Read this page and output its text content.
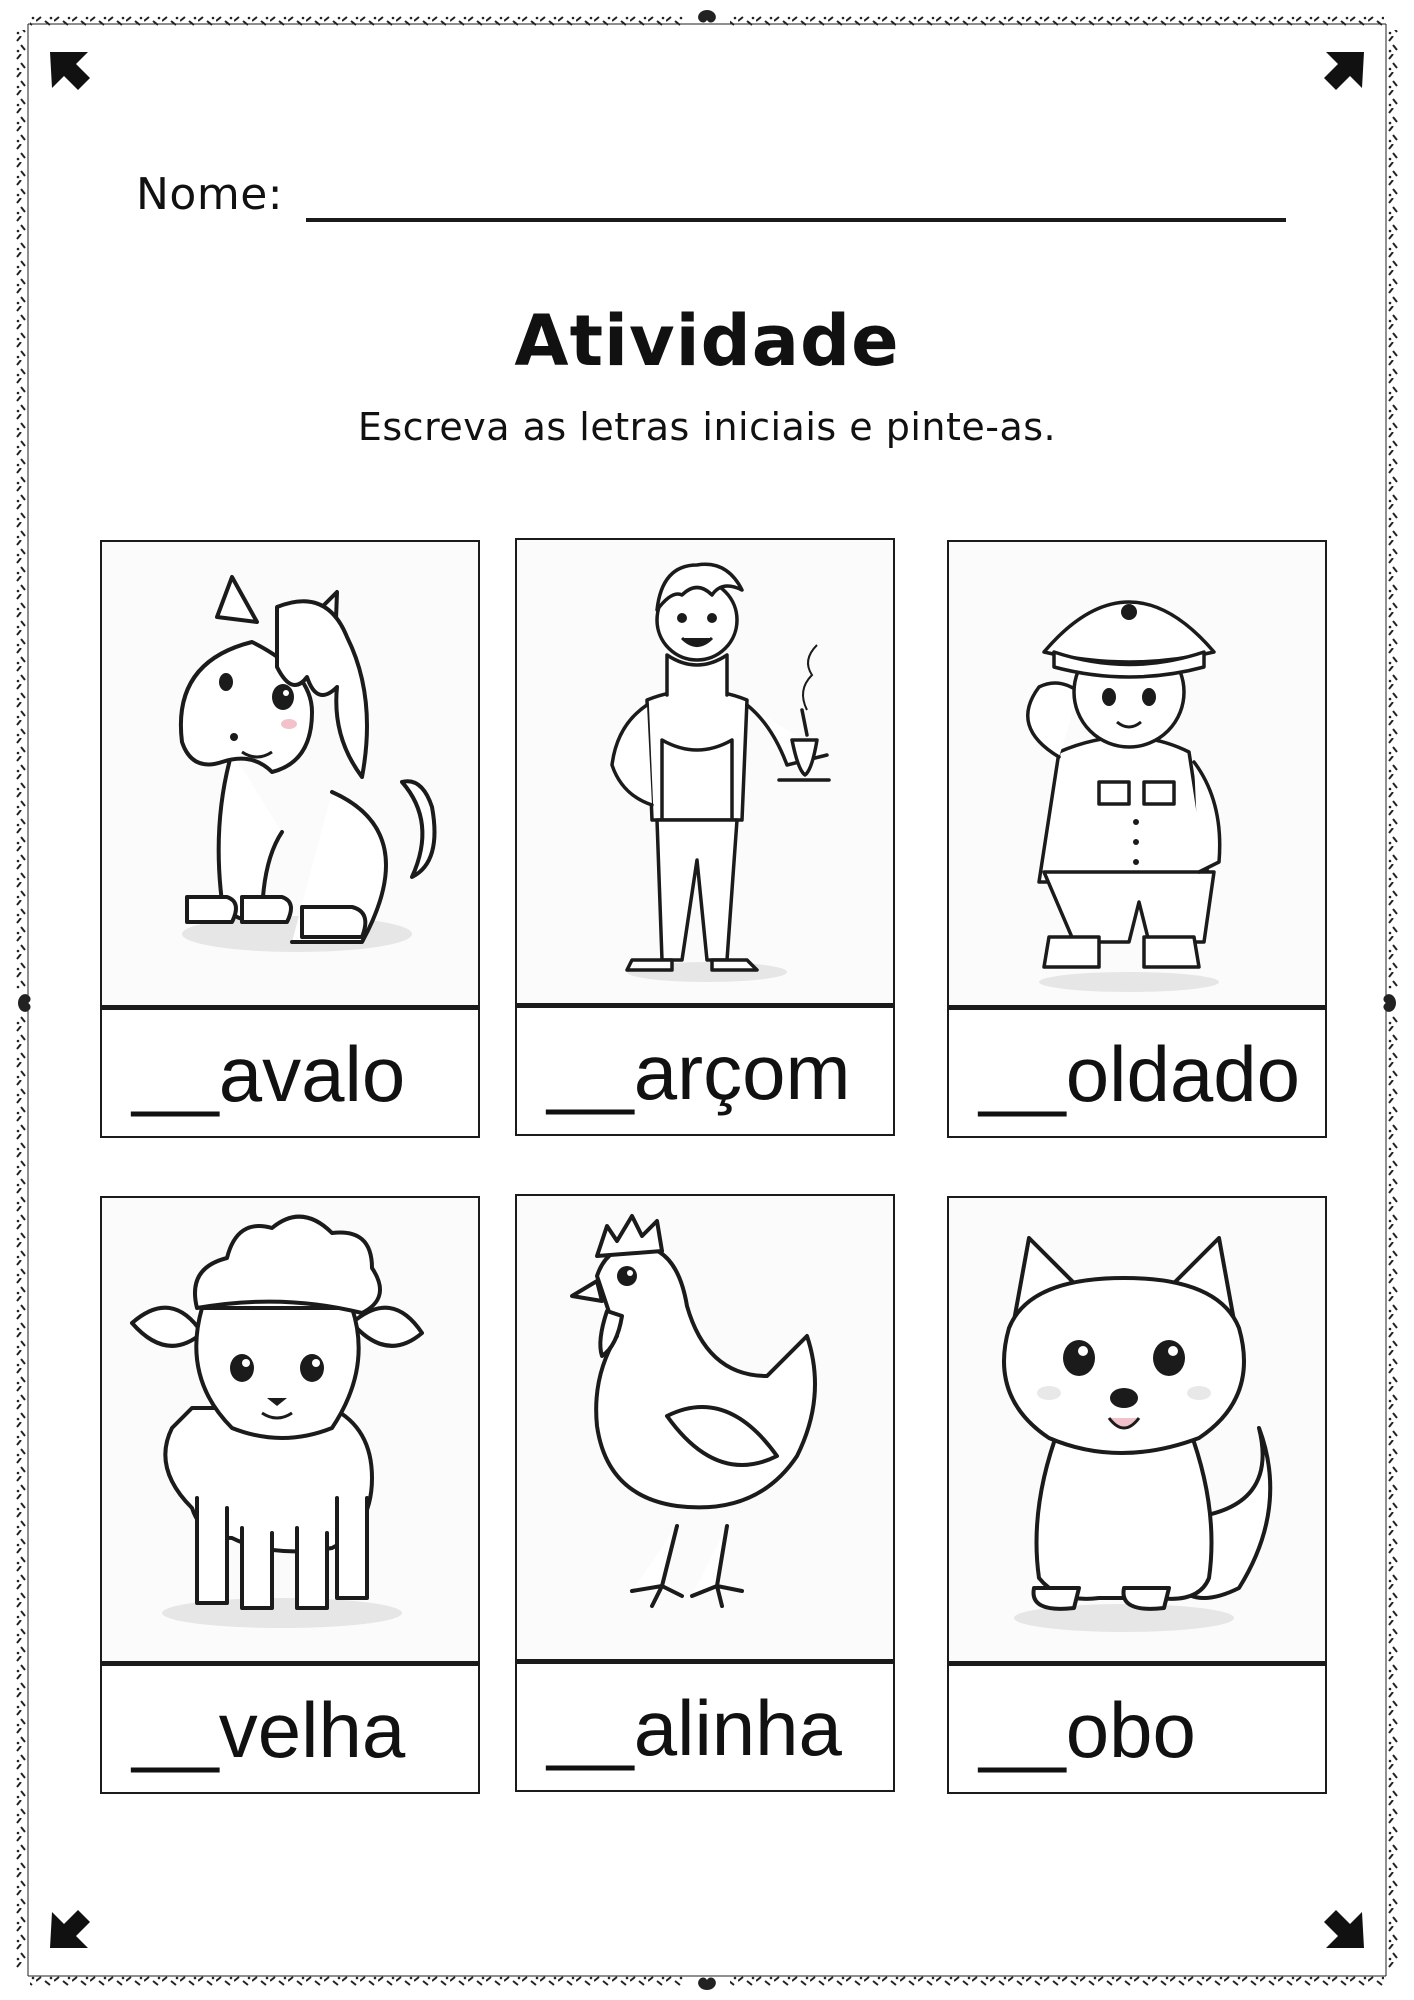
Nome:
Atividade
Escreva as letras iniciais e pinte-as.
__avalo __arçom __oldado
__velha __alinha __obo
